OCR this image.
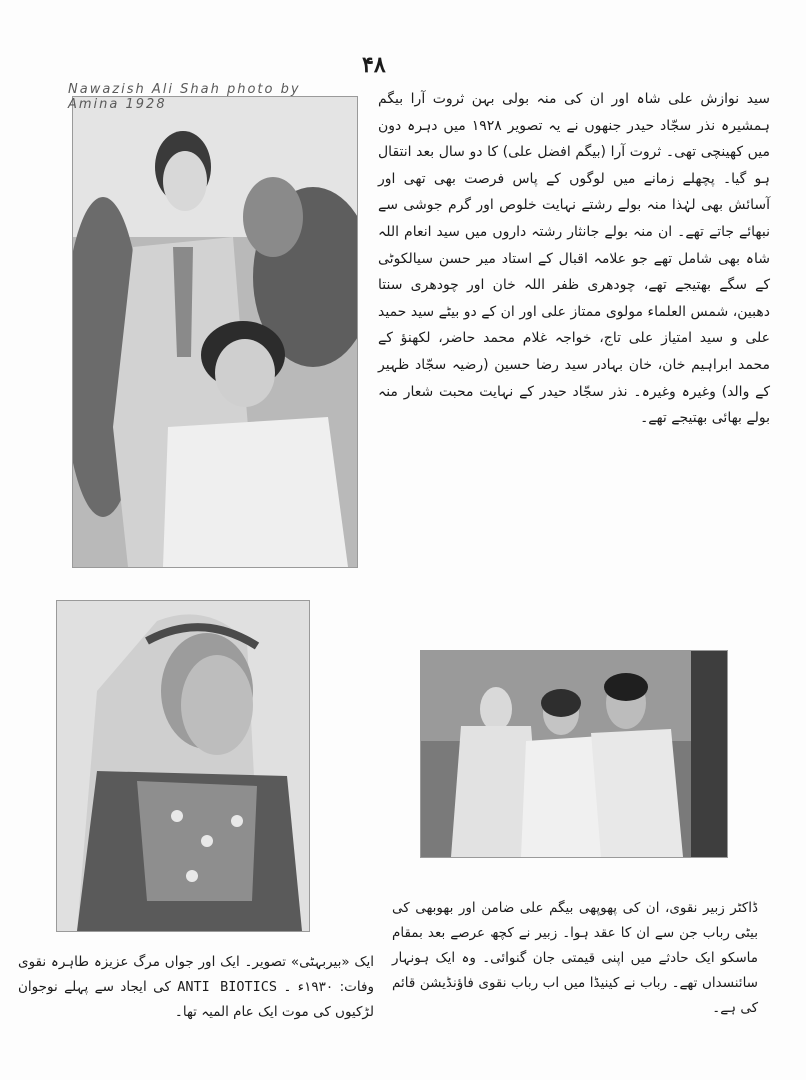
۴۸
Nawazish Ali Shah photo by Amina 1928	سید نوازش علی شاہ اور ان کی منہ بولی بہن ثروت آرا بیگم ہمشیرہ نذر سجّاد حیدر جنھوں نے یہ تصویر ۱۹۲۸ میں دہرہ دون میں کھینچی تھی۔ ثروت آرا (بیگم افضل علی) کا دو سال بعد انتقال ہو گیا۔ پچھلے زمانے میں لوگوں کے پاس فرصت بھی تھی اور آسائش بھی لہٰذا منہ بولے رشتے نہایت خلوص اور گرم جوشی سے نبھائے جاتے تھے۔ ان منہ بولے جانثار رشتہ داروں میں سید انعام اللہ شاہ بھی شامل تھے جو علامہ اقبال کے استاد میر حسن سیالکوٹی کے سگے بھتیجے تھے، چودھری ظفر اللہ خان اور چودھری سنتا دھبین، شمس العلماء مولوی ممتاز علی اور ان کے دو بیٹے سید حمید علی و سید امتیاز علی تاج، خواجہ غلام محمد حاضر، لکھنؤ کے محمد ابراہیم خان، خان بہادر سید رضا حسین (رضیہ سجّاد ظہیر کے والد) وغیرہ وغیرہ۔ نذر سجّاد حیدر کے نہایت محبت شعار منہ بولے بھائی بھتیجے تھے۔

ڈاکٹر زبیر نقوی، ان کی پھوپھی بیگم علی ضامن اور بھوبھی کی بیٹی رباب جن سے ان کا عقد ہوا۔ زبیر نے کچھ عرصے بعد بمقام ماسکو ایک حادثے میں اپنی قیمتی جان گنوائی۔ وہ ایک ہونہار سائنسداں تھے۔ رباب نے کینیڈا میں اب رباب نقوی فاؤنڈیشن قائم کی ہے۔

ایک «بیربہٹی» تصویر۔ ایک اور جواں مرگ عزیزہ طاہرہ نقوی وفات: ۱۹۳۰ء ۔ ANTI BIOTICS کی ایجاد سے پہلے نوجوان لڑکیوں کی موت ایک عام المیہ تھا۔
